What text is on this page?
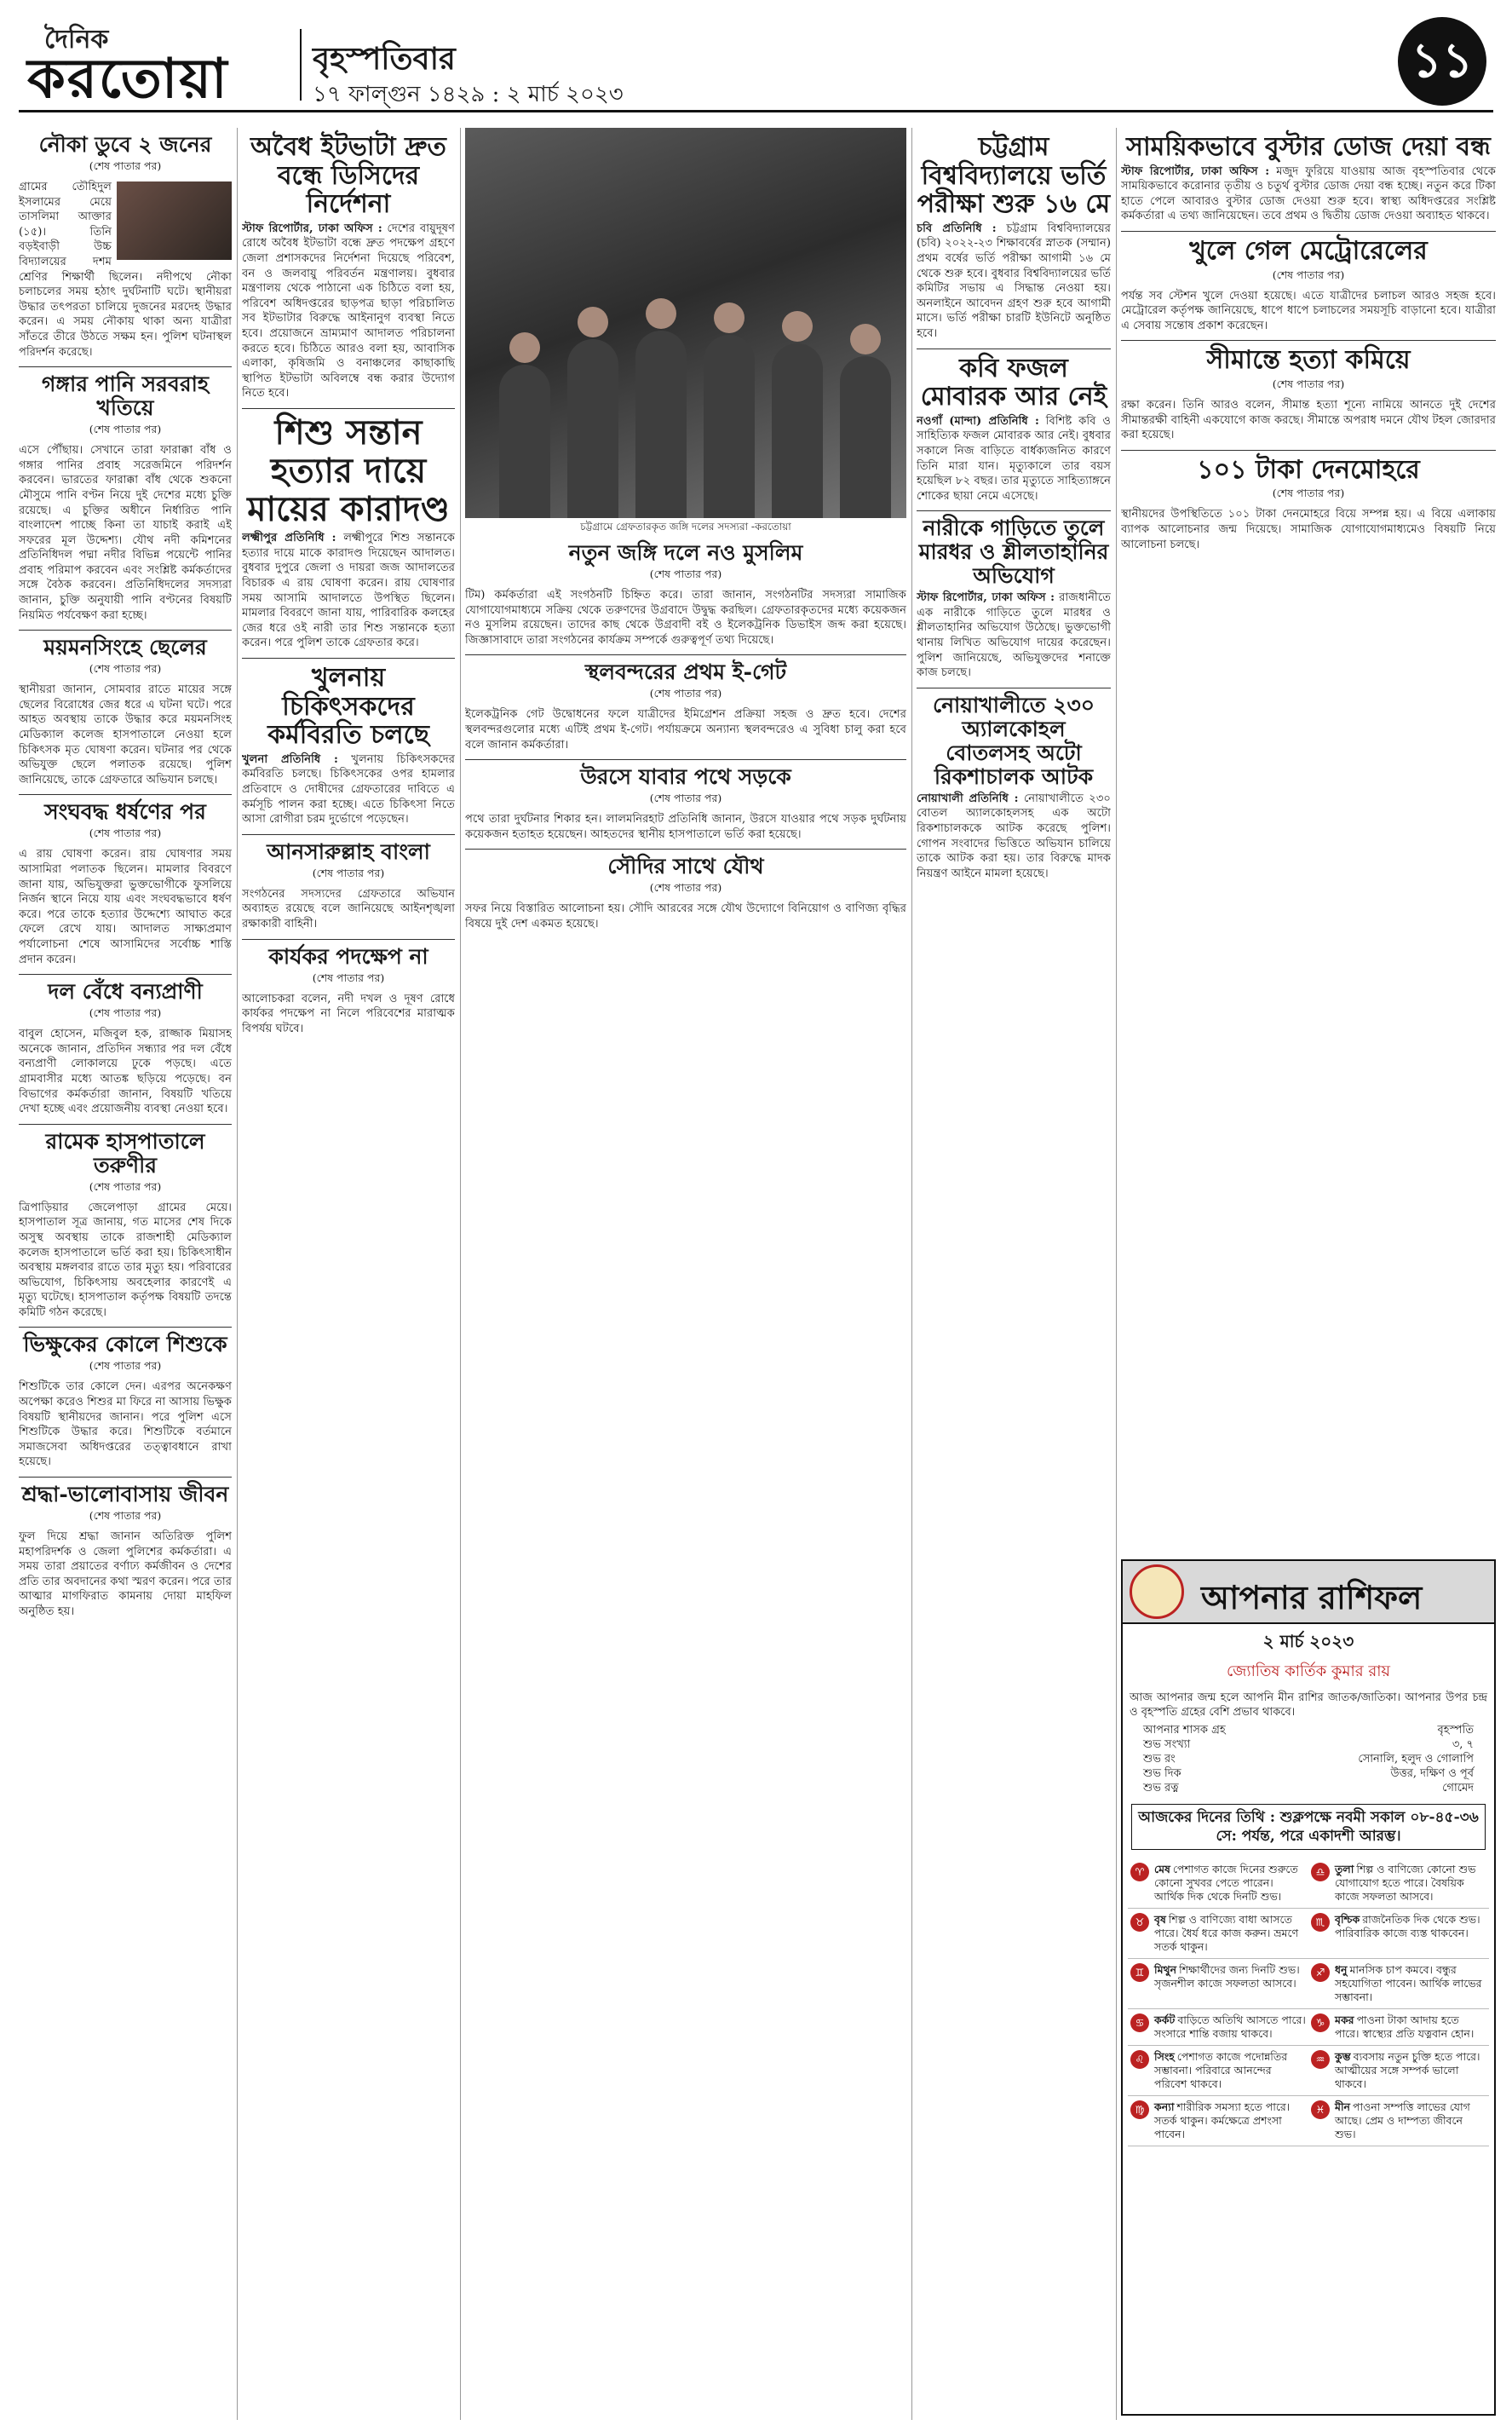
দৈনিক
করতোয়া	বৃহস্পতিবার
১৭ ফাল্গুন ১৪২৯ : ২ মার্চ ২০২৩
১১
নৌকা ডুবে ২ জনের
(শেষ পাতার পর)

গ্রামের তৌহিদুল ইসলামের মেয়ে তাসলিমা আক্তার (১৫)। তিনি বড়ইবাড়ী উচ্চ বিদ্যালয়ের দশম শ্রেণির শিক্ষার্থী ছিলেন। নদীপথে নৌকা চলাচলের সময় হঠাৎ দুর্ঘটনাটি ঘটে। স্থানীয়রা উদ্ধার তৎপরতা চালিয়ে দুজনের মরদেহ উদ্ধার করেন। এ সময় নৌকায় থাকা অন্য যাত্রীরা সাঁতরে তীরে উঠতে সক্ষম হন। পুলিশ ঘটনাস্থল পরিদর্শন করেছে।

গঙ্গার পানি সরবরাহ খতিয়ে
(শেষ পাতার পর)

এসে পৌঁছায়। সেখানে তারা ফারাক্কা বাঁধ ও গঙ্গার পানির প্রবাহ সরেজমিনে পরিদর্শন করবেন। ভারতের ফারাক্কা বাঁধ থেকে শুকনো মৌসুমে পানি বণ্টন নিয়ে দুই দেশের মধ্যে চুক্তি রয়েছে। এ চুক্তির অধীনে নির্ধারিত পানি বাংলাদেশ পাচ্ছে কিনা তা যাচাই করাই এই সফরের মূল উদ্দেশ্য। যৌথ নদী কমিশনের প্রতিনিধিদল পদ্মা নদীর বিভিন্ন পয়েন্টে পানির প্রবাহ পরিমাপ করবেন এবং সংশ্লিষ্ট কর্মকর্তাদের সঙ্গে বৈঠক করবেন। প্রতিনিধিদলের সদস্যরা জানান, চুক্তি অনুযায়ী পানি বণ্টনের বিষয়টি নিয়মিত পর্যবেক্ষণ করা হচ্ছে।

ময়মনসিংহে ছেলের
(শেষ পাতার পর)

স্থানীয়রা জানান, সোমবার রাতে মায়ের সঙ্গে ছেলের বিরোধের জের ধরে এ ঘটনা ঘটে। পরে আহত অবস্থায় তাকে উদ্ধার করে ময়মনসিংহ মেডিক্যাল কলেজ হাসপাতালে নেওয়া হলে চিকিৎসক মৃত ঘোষণা করেন। ঘটনার পর থেকে অভিযুক্ত ছেলে পলাতক রয়েছে। পুলিশ জানিয়েছে, তাকে গ্রেফতারে অভিযান চলছে।

সংঘবদ্ধ ধর্ষণের পর
(শেষ পাতার পর)

এ রায় ঘোষণা করেন। রায় ঘোষণার সময় আসামিরা পলাতক ছিলেন। মামলার বিবরণে জানা যায়, অভিযুক্তরা ভুক্তভোগীকে ফুসলিয়ে নির্জন স্থানে নিয়ে যায় এবং সংঘবদ্ধভাবে ধর্ষণ করে। পরে তাকে হত্যার উদ্দেশ্যে আঘাত করে ফেলে রেখে যায়। আদালত সাক্ষ্যপ্রমাণ পর্যালোচনা শেষে আসামিদের সর্বোচ্চ শাস্তি প্রদান করেন।

দল বেঁধে বন্যপ্রাণী
(শেষ পাতার পর)

বাবুল হোসেন, মজিবুল হক, রাজ্জাক মিয়াসহ অনেকে জানান, প্রতিদিন সন্ধ্যার পর দল বেঁধে বন্যপ্রাণী লোকালয়ে ঢুকে পড়ছে। এতে গ্রামবাসীর মধ্যে আতঙ্ক ছড়িয়ে পড়েছে। বন বিভাগের কর্মকর্তারা জানান, বিষয়টি খতিয়ে দেখা হচ্ছে এবং প্রয়োজনীয় ব্যবস্থা নেওয়া হবে।

রামেক হাসপাতালে তরুণীর
(শেষ পাতার পর)

ত্রিপাড়িয়ার জেলেপাড়া গ্রামের মেয়ে। হাসপাতাল সূত্র জানায়, গত মাসের শেষ দিকে অসুস্থ অবস্থায় তাকে রাজশাহী মেডিক্যাল কলেজ হাসপাতালে ভর্তি করা হয়। চিকিৎসাধীন অবস্থায় মঙ্গলবার রাতে তার মৃত্যু হয়। পরিবারের অভিযোগ, চিকিৎসায় অবহেলার কারণেই এ মৃত্যু ঘটেছে। হাসপাতাল কর্তৃপক্ষ বিষয়টি তদন্তে কমিটি গঠন করেছে।

ভিক্ষুকের কোলে শিশুকে
(শেষ পাতার পর)

শিশুটিকে তার কোলে দেন। এরপর অনেকক্ষণ অপেক্ষা করেও শিশুর মা ফিরে না আসায় ভিক্ষুক বিষয়টি স্থানীয়দের জানান। পরে পুলিশ এসে শিশুটিকে উদ্ধার করে। শিশুটিকে বর্তমানে সমাজসেবা অধিদপ্তরের তত্ত্বাবধানে রাখা হয়েছে।

শ্রদ্ধা-ভালোবাসায় জীবন
(শেষ পাতার পর)

ফুল দিয়ে শ্রদ্ধা জানান অতিরিক্ত পুলিশ মহাপরিদর্শক ও জেলা পুলিশের কর্মকর্তারা। এ সময় তারা প্রয়াতের বর্ণাঢ্য কর্মজীবন ও দেশের প্রতি তার অবদানের কথা স্মরণ করেন। পরে তার আত্মার মাগফিরাত কামনায় দোয়া মাহফিল অনুষ্ঠিত হয়।

অবৈধ ইটভাটা দ্রুত বন্ধে ডিসিদের নির্দেশনা

স্টাফ রিপোর্টার, ঢাকা অফিস : দেশের বায়ুদূষণ রোধে অবৈধ ইটভাটা বন্ধে দ্রুত পদক্ষেপ গ্রহণে জেলা প্রশাসকদের নির্দেশনা দিয়েছে পরিবেশ, বন ও জলবায়ু পরিবর্তন মন্ত্রণালয়। বুধবার মন্ত্রণালয় থেকে পাঠানো এক চিঠিতে বলা হয়, পরিবেশ অধিদপ্তরের ছাড়পত্র ছাড়া পরিচালিত সব ইটভাটার বিরুদ্ধে আইনানুগ ব্যবস্থা নিতে হবে। প্রয়োজনে ভ্রাম্যমাণ আদালত পরিচালনা করতে হবে। চিঠিতে আরও বলা হয়, আবাসিক এলাকা, কৃষিজমি ও বনাঞ্চলের কাছাকাছি স্থাপিত ইটভাটা অবিলম্বে বন্ধ করার উদ্যোগ নিতে হবে।

শিশু সন্তান হত্যার দায়ে মায়ের কারাদণ্ড

লক্ষ্মীপুর প্রতিনিধি : লক্ষ্মীপুরে শিশু সন্তানকে হত্যার দায়ে মাকে কারাদণ্ড দিয়েছেন আদালত। বুধবার দুপুরে জেলা ও দায়রা জজ আদালতের বিচারক এ রায় ঘোষণা করেন। রায় ঘোষণার সময় আসামি আদালতে উপস্থিত ছিলেন। মামলার বিবরণে জানা যায়, পারিবারিক কলহের জের ধরে ওই নারী তার শিশু সন্তানকে হত্যা করেন। পরে পুলিশ তাকে গ্রেফতার করে।

খুলনায় চিকিৎসকদের কর্মবিরতি চলছে

খুলনা প্রতিনিধি : খুলনায় চিকিৎসকদের কর্মবিরতি চলছে। চিকিৎসকের ওপর হামলার প্রতিবাদে ও দোষীদের গ্রেফতারের দাবিতে এ কর্মসূচি পালন করা হচ্ছে। এতে চিকিৎসা নিতে আসা রোগীরা চরম দুর্ভোগে পড়েছেন।

আনসারুল্লাহ বাংলা
(শেষ পাতার পর)

সংগঠনের সদস্যদের গ্রেফতারে অভিযান অব্যাহত রয়েছে বলে জানিয়েছে আইনশৃঙ্খলা রক্ষাকারী বাহিনী।

কার্যকর পদক্ষেপ না
(শেষ পাতার পর)

আলোচকরা বলেন, নদী দখল ও দূষণ রোধে কার্যকর পদক্ষেপ না নিলে পরিবেশের মারাত্মক বিপর্যয় ঘটবে।

চট্টগ্রামে গ্রেফতারকৃত জঙ্গি দলের সদস্যরা -করতোয়া
নতুন জঙ্গি দলে নও মুসলিম
(শেষ পাতার পর)

টিম) কর্মকর্তারা এই সংগঠনটি চিহ্নিত করে। তারা জানান, সংগঠনটির সদস্যরা সামাজিক যোগাযোগমাধ্যমে সক্রিয় থেকে তরুণদের উগ্রবাদে উদ্বুদ্ধ করছিল। গ্রেফতারকৃতদের মধ্যে কয়েকজন নও মুসলিম রয়েছেন। তাদের কাছ থেকে উগ্রবাদী বই ও ইলেকট্রনিক ডিভাইস জব্দ করা হয়েছে। জিজ্ঞাসাবাদে তারা সংগঠনের কার্যক্রম সম্পর্কে গুরুত্বপূর্ণ তথ্য দিয়েছে।

স্থলবন্দরের প্রথম ই-গেট
(শেষ পাতার পর)

ইলেকট্রনিক গেট উদ্বোধনের ফলে যাত্রীদের ইমিগ্রেশন প্রক্রিয়া সহজ ও দ্রুত হবে। দেশের স্থলবন্দরগুলোর মধ্যে এটিই প্রথম ই-গেট। পর্যায়ক্রমে অন্যান্য স্থলবন্দরেও এ সুবিধা চালু করা হবে বলে জানান কর্মকর্তারা।

উরসে যাবার পথে সড়কে
(শেষ পাতার পর)

পথে তারা দুর্ঘটনার শিকার হন। লালমনিরহাট প্রতিনিধি জানান, উরসে যাওয়ার পথে সড়ক দুর্ঘটনায় কয়েকজন হতাহত হয়েছেন। আহতদের স্থানীয় হাসপাতালে ভর্তি করা হয়েছে।

সৌদির সাথে যৌথ
(শেষ পাতার পর)

সফর নিয়ে বিস্তারিত আলোচনা হয়। সৌদি আরবের সঙ্গে যৌথ উদ্যোগে বিনিয়োগ ও বাণিজ্য বৃদ্ধির বিষয়ে দুই দেশ একমত হয়েছে।

চট্টগ্রাম বিশ্ববিদ্যালয়ে ভর্তি পরীক্ষা শুরু ১৬ মে

চবি প্রতিনিধি : চট্টগ্রাম বিশ্ববিদ্যালয়ের (চবি) ২০২২-২৩ শিক্ষাবর্ষের স্নাতক (সম্মান) প্রথম বর্ষের ভর্তি পরীক্ষা আগামী ১৬ মে থেকে শুরু হবে। বুধবার বিশ্ববিদ্যালয়ের ভর্তি কমিটির সভায় এ সিদ্ধান্ত নেওয়া হয়। অনলাইনে আবেদন গ্রহণ শুরু হবে আগামী মাসে। ভর্তি পরীক্ষা চারটি ইউনিটে অনুষ্ঠিত হবে।

কবি ফজল মোবারক আর নেই

নওগাঁ (মান্দা) প্রতিনিধি : বিশিষ্ট কবি ও সাহিত্যিক ফজল মোবারক আর নেই। বুধবার সকালে নিজ বাড়িতে বার্ধক্যজনিত কারণে তিনি মারা যান। মৃত্যুকালে তার বয়স হয়েছিল ৮২ বছর। তার মৃত্যুতে সাহিত্যাঙ্গনে শোকের ছায়া নেমে এসেছে।

নারীকে গাড়িতে তুলে মারধর ও শ্লীলতাহানির অভিযোগ

স্টাফ রিপোর্টার, ঢাকা অফিস : রাজধানীতে এক নারীকে গাড়িতে তুলে মারধর ও শ্লীলতাহানির অভিযোগ উঠেছে। ভুক্তভোগী থানায় লিখিত অভিযোগ দায়ের করেছেন। পুলিশ জানিয়েছে, অভিযুক্তদের শনাক্তে কাজ চলছে।

নোয়াখালীতে ২৩০ অ্যালকোহল বোতলসহ অটো রিকশাচালক আটক

নোয়াখালী প্রতিনিধি : নোয়াখালীতে ২৩০ বোতল অ্যালকোহলসহ এক অটো রিকশাচালককে আটক করেছে পুলিশ। গোপন সংবাদের ভিত্তিতে অভিযান চালিয়ে তাকে আটক করা হয়। তার বিরুদ্ধে মাদক নিয়ন্ত্রণ আইনে মামলা হয়েছে।

সাময়িকভাবে বুস্টার ডোজ দেয়া বন্ধ

স্টাফ রিপোর্টার, ঢাকা অফিস : মজুদ ফুরিয়ে যাওয়ায় আজ বৃহস্পতিবার থেকে সাময়িকভাবে করোনার তৃতীয় ও চতুর্থ বুস্টার ডোজ দেয়া বন্ধ হচ্ছে। নতুন করে টিকা হাতে পেলে আবারও বুস্টার ডোজ দেওয়া শুরু হবে। স্বাস্থ্য অধিদপ্তরের সংশ্লিষ্ট কর্মকর্তারা এ তথ্য জানিয়েছেন। তবে প্রথম ও দ্বিতীয় ডোজ দেওয়া অব্যাহত থাকবে।

খুলে গেল মেট্রোরেলের
(শেষ পাতার পর)

পর্যন্ত সব স্টেশন খুলে দেওয়া হয়েছে। এতে যাত্রীদের চলাচল আরও সহজ হবে। মেট্রোরেল কর্তৃপক্ষ জানিয়েছে, ধাপে ধাপে চলাচলের সময়সূচি বাড়ানো হবে। যাত্রীরা এ সেবায় সন্তোষ প্রকাশ করেছেন।

সীমান্তে হত্যা কমিয়ে
(শেষ পাতার পর)

রক্ষা করেন। তিনি আরও বলেন, সীমান্ত হত্যা শূন্যে নামিয়ে আনতে দুই দেশের সীমান্তরক্ষী বাহিনী একযোগে কাজ করছে। সীমান্তে অপরাধ দমনে যৌথ টহল জোরদার করা হয়েছে।

১০১ টাকা দেনমোহরে
(শেষ পাতার পর)

স্থানীয়দের উপস্থিতিতে ১০১ টাকা দেনমোহরে বিয়ে সম্পন্ন হয়। এ বিয়ে এলাকায় ব্যাপক আলোচনার জন্ম দিয়েছে। সামাজিক যোগাযোগমাধ্যমেও বিষয়টি নিয়ে আলোচনা চলছে।

আপনার রাশিফল
২ মার্চ ২০২৩
জ্যোতিষ কার্তিক কুমার রায়

আজ আপনার জন্ম হলে আপনি মীন রাশির জাতক/জাতিকা। আপনার উপর চন্দ্র ও বৃহস্পতি গ্রহের বেশি প্রভাব থাকবে।

আপনার শাসক গ্রহ	বৃহস্পতি
শুভ সংখ্যা	৩, ৭
শুভ রং	সোনালি, হলুদ ও গোলাপি
শুভ দিক	উত্তর, দক্ষিণ ও পূর্ব
শুভ রত্ন	গোমেদ
আজকের দিনের তিথি : শুক্লপক্ষে নবমী সকাল ০৮-৪৫-৩৬ সে: পর্যন্ত, পরে একাদশী আরম্ভ।
♈ মেষ পেশাগত কাজে দিনের শুরুতে কোনো সুখবর পেতে পারেন। আর্থিক দিক থেকে দিনটি শুভ।
♎ তুলা শিল্প ও বাণিজ্যে কোনো শুভ যোগাযোগ হতে পারে। বৈষয়িক কাজে সফলতা আসবে।
♉ বৃষ শিল্প ও বাণিজ্যে বাধা আসতে পারে। ধৈর্য ধরে কাজ করুন। ভ্রমণে সতর্ক থাকুন।
♏ বৃশ্চিক রাজনৈতিক দিক থেকে শুভ। পারিবারিক কাজে ব্যস্ত থাকবেন।
♊ মিথুন শিক্ষার্থীদের জন্য দিনটি শুভ। সৃজনশীল কাজে সফলতা আসবে।
♐ ধনু মানসিক চাপ কমবে। বন্ধুর সহযোগিতা পাবেন। আর্থিক লাভের সম্ভাবনা।
♋ কর্কট বাড়িতে অতিথি আসতে পারে। সংসারে শান্তি বজায় থাকবে।
♑ মকর পাওনা টাকা আদায় হতে পারে। স্বাস্থ্যের প্রতি যত্নবান হোন।
♌ সিংহ পেশাগত কাজে পদোন্নতির সম্ভাবনা। পরিবারে আনন্দের পরিবেশ থাকবে।
♒ কুম্ভ ব্যবসায় নতুন চুক্তি হতে পারে। আত্মীয়ের সঙ্গে সম্পর্ক ভালো থাকবে।
♍ কন্যা শারীরিক সমস্যা হতে পারে। সতর্ক থাকুন। কর্মক্ষেত্রে প্রশংসা পাবেন।
♓ মীন পাওনা সম্পত্তি লাভের যোগ আছে। প্রেম ও দাম্পত্য জীবনে শুভ।
